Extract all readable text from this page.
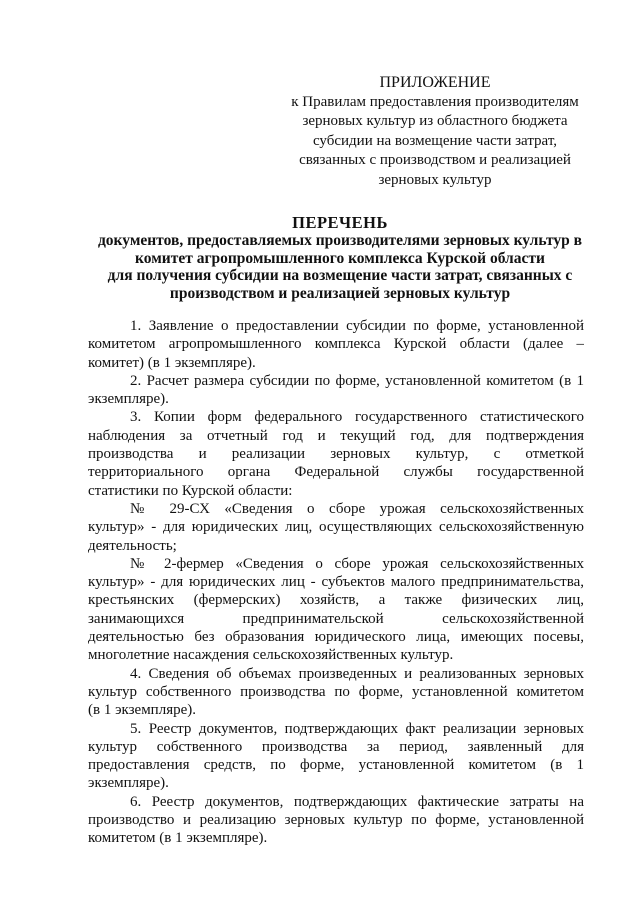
ПРИЛОЖЕНИЕ
к Правилам предоставления производителям
зерновых культур из областного бюджета
субсидии на возмещение части затрат,
связанных с производством и реализацией
зерновых культур
ПЕРЕЧЕНЬ
документов, предоставляемых производителями зерновых культур в
комитет агропромышленного комплекса Курской области
для получения субсидии на возмещение части затрат, связанных с
производством и реализацией зерновых культур
1. Заявление о предоставлении субсидии по форме, установленной
комитетом агропромышленного комплекса Курской области (далее –
комитет) (в 1 экземпляре).
2. Расчет размера субсидии по форме, установленной комитетом (в 1
экземпляре).
3. Копии форм федерального государственного статистического
наблюдения за отчетный год и текущий год, для подтверждения
производства и реализации зерновых культур, с отметкой
территориального органа Федеральной службы государственной
статистики по Курской области:
№ 29-СХ «Сведения о сборе урожая сельскохозяйственных
культур» - для юридических лиц, осуществляющих сельскохозяйственную
деятельность;
№ 2-фермер «Сведения о сборе урожая сельскохозяйственных
культур» - для юридических лиц - субъектов малого предпринимательства,
крестьянских (фермерских) хозяйств, а также физических лиц,
занимающихся предпринимательской сельскохозяйственной
деятельностью без образования юридического лица, имеющих посевы,
многолетние насаждения сельскохозяйственных культур.
4. Сведения об объемах произведенных и реализованных зерновых
культур собственного производства по форме, установленной комитетом
(в 1 экземпляре).
5. Реестр документов, подтверждающих факт реализации зерновых
культур собственного производства за период, заявленный для
предоставления средств, по форме, установленной комитетом (в 1
экземпляре).
6. Реестр документов, подтверждающих фактические затраты на
производство и реализацию зерновых культур по форме, установленной
комитетом (в 1 экземпляре).
